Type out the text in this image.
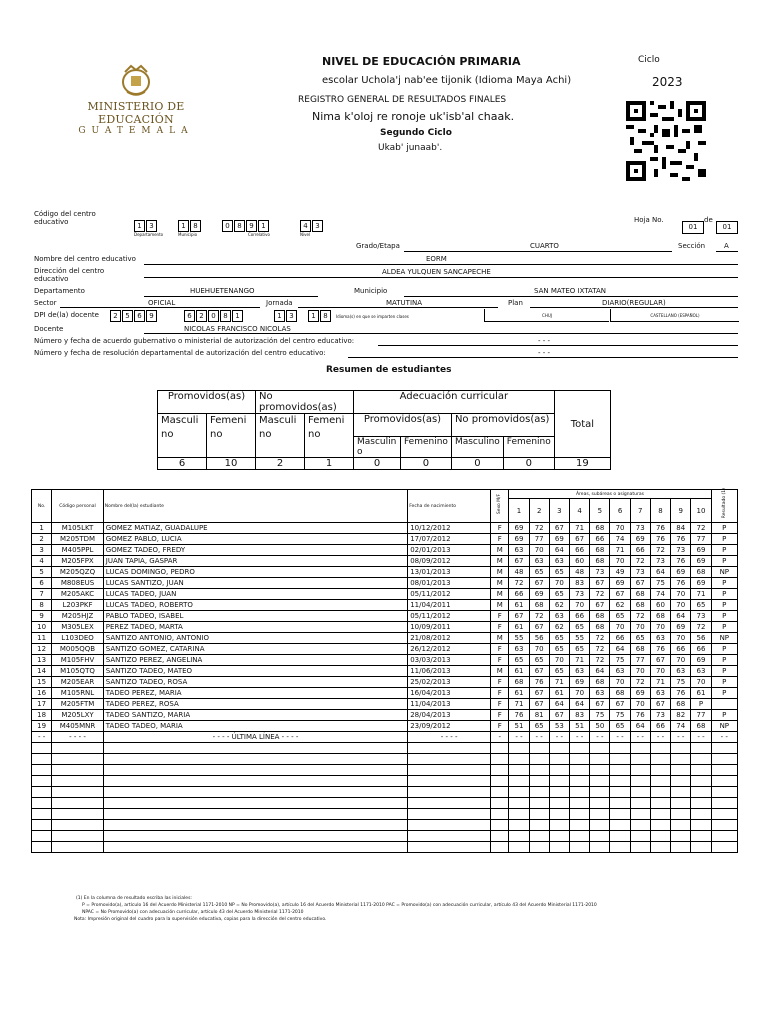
MINISTERIO DE EDUCACIÓN
GUATEMALA
NIVEL DE EDUCACIÓN PRIMARIA
escolar Uchola'j nab'ee tijonik (Idioma Maya Achi)
REGISTRO GENERAL DE RESULTADOS FINALES
Nima k'oloj re ronoje uk'isb'al chaak.
Segundo Ciclo
Ukab' junaab'.
Ciclo
2023
Código del centro educativo	1 3	1 8	0 8 9 1	4 3
Departamento	Municipio	Correlativo	Nivel
Hoja No.
01
de
01
Grado/Etapa	CUARTO	Sección	A
Nombre del centro educativo	EORM
Dirección del centro educativo
ALDEA YULQUEN SANCAPECHE
Departamento	HUEHUETENANGO	Municipio	SAN MATEO IXTATAN
Sector	OFICIAL	Jornada	MATUTINA	Plan	DIARIO(REGULAR)
DPI de(la) docente	2 5 6 9	6 2 0 8 1	1 3	1 8	Idioma(s) en que se imparten clases	CHUJ	CASTELLANO (ESPAÑOL)
Docente	NICOLAS FRANCISCO NICOLAS
Número y fecha de acuerdo gubernativo o ministerial de autorización del centro educativo:	- - -
Número y fecha de resolución departamental de autorización del centro educativo:	- - -
Resumen de estudiantes
Promovidos(as)		No promovidos(as)		Adecuación curricular				Total
Masculino	Femenino	Masculino	Femenino	Promovidos(as)		No promovidos(as)		
				Masculino	Femenino	Masculino	Femenino	
6	10	2	1	0	0	0	0	19
No.	Código personal	Nombre del(la) estudiante	Fecha de nacimiento	Sexo M/F	Áreas, subáreas o asignaturas										Resultado (1)

					1	2	3	4	5	6	7	8	9	10	
1	M105LKT	GOMEZ MATIAZ, GUADALUPE	10/12/2012	F	69	72	67	71	68	70	73	76	84	72	P
2	M205TDM	GOMEZ PABLO, LUCIA	17/07/2012	F	69	77	69	67	66	74	69	76	76	77	P
3	M405PPL	GOMEZ TADEO, FREDY	02/01/2013	M	63	70	64	66	68	71	66	72	73	69	P
4	M205FPX	JUAN TAPIA, GASPAR	08/09/2012	M	67	63	63	60	68	70	72	73	76	69	P
5	M205QZQ	LUCAS DOMINGO, PEDRO	13/01/2013	M	48	65	65	48	73	49	73	64	69	68	NP
6	M808EUS	LUCAS SANTIZO, JUAN	08/01/2013	M	72	67	70	83	67	69	67	75	76	69	P
7	M205AKC	LUCAS TADEO, JUAN	05/11/2012	M	66	69	65	73	72	67	68	74	70	71	P
8	L203PKF	LUCAS TADEO, ROBERTO	11/04/2011	M	61	68	62	70	67	62	68	60	70	65	P
9	M205HJZ	PABLO TADEO, ISABEL	05/11/2012	F	67	72	63	66	68	65	72	68	64	73	P
10	M305LEX	PEREZ TADEO, MARTA	10/09/2011	F	61	67	62	65	68	70	70	70	69	72	P
11	L103DEO	SANTIZO ANTONIO, ANTONIO	21/08/2012	M	55	56	65	55	72	66	65	63	70	56	NP
12	M005QQB	SANTIZO GOMEZ, CATARINA	26/12/2012	F	63	70	65	65	72	64	68	76	66	66	P
13	M105FHV	SANTIZO PEREZ, ANGELINA	03/03/2013	F	65	65	70	71	72	75	77	67	70	69	P
14	M105QTQ	SANTIZO TADEO, MATEO	11/06/2013	M	61	67	65	63	64	63	70	70	63	63	P
15	M205EAR	SANTIZO TADEO, ROSA	25/02/2013	F	68	76	71	69	68	70	72	71	75	70	P
16	M105RNL	TADEO PEREZ, MARIA	16/04/2013	F	61	67	61	70	63	68	69	63	76	61	P
17	M205FTM	TADEO PEREZ, ROSA	11/04/2013	F	71	67	64	64	67	67	70	67	68	P	
18	M205LXY	TADEO SANTIZO, MARIA	28/04/2013	F	76	81	67	83	75	75	76	73	82	77	P
19	M405MNR	TADEO TADEO, MARIA	23/09/2012	F	51	65	53	51	50	65	64	66	74	68	NP
- -	- - - -	- - - - ÚLTIMA LÍNEA - - - -	- - - -	-	- -	- -	- -	- -	- -	- -	- -	- -	- -	- -	- -

(1) En la columna de resultado escriba las iniciales:
P = Promovido(a), artículo 16 del Acuerdo Ministerial 1171-2010 NP = No Promovido(a), artículo 16 del Acuerdo Ministerial 1171-2010 PAC = Promovido(a) con adecuación curricular, artículo 43 del Acuerdo Ministerial 1171-2010
NPAC = No Promovido(a) con adecuación curricular, artículo 43 del Acuerdo Ministerial 1171-2010
Nota: Impresión original del cuadro para la supervisión educativa, copias para la dirección del centro educativo.
